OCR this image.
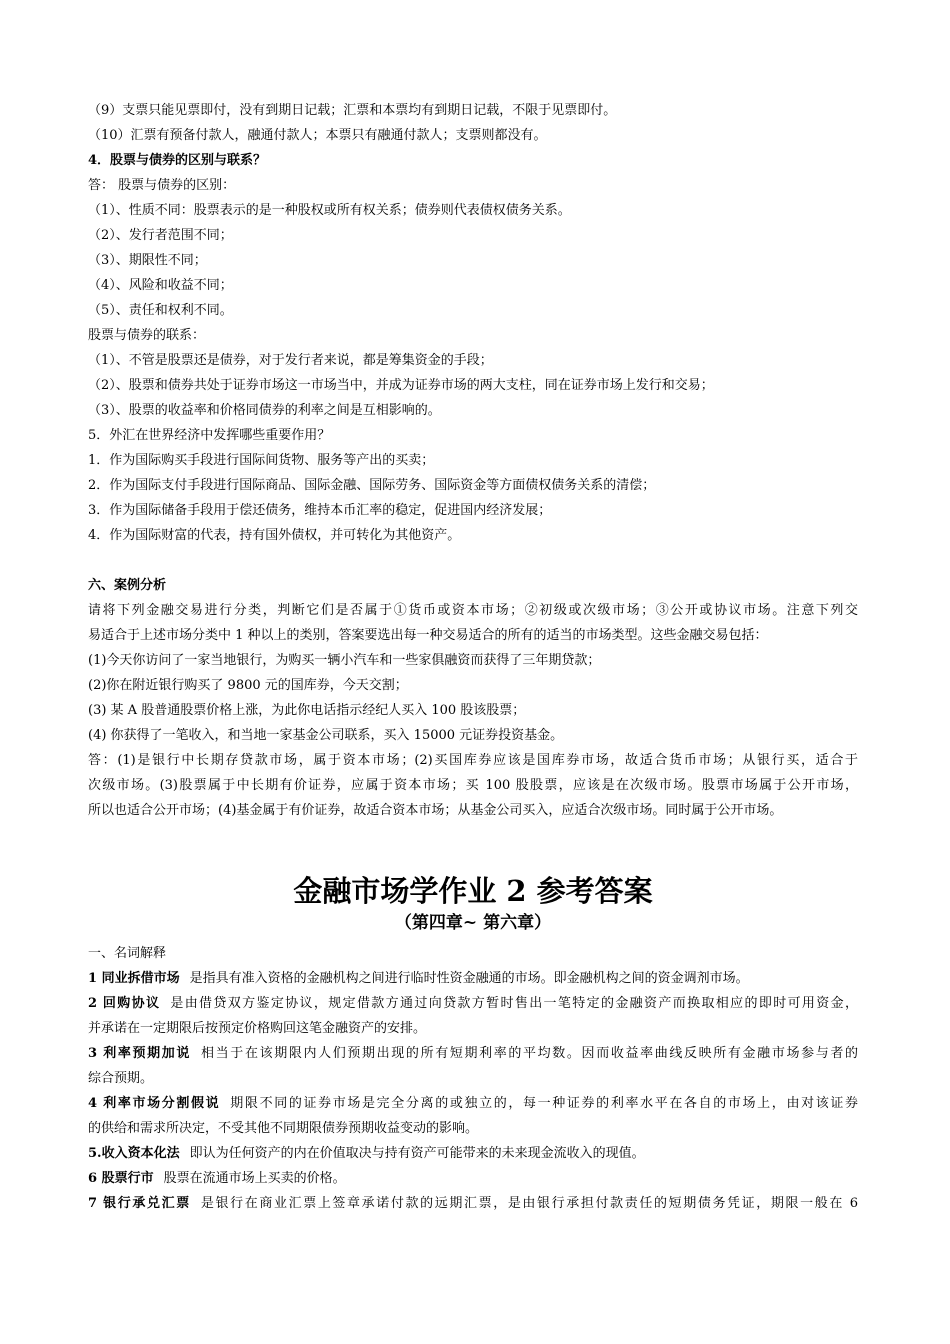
（9）支票只能见票即付，没有到期日记载；汇票和本票均有到期日记载，不限于见票即付。
（10）汇票有预备付款人，融通付款人；本票只有融通付款人；支票则都没有。
4．股票与债券的区别与联系？
答： 股票与债券的区别：
（1）、性质不同：股票表示的是一种股权或所有权关系；债券则代表债权债务关系。
（2）、发行者范围不同；
（3）、期限性不同；
（4）、风险和收益不同；
（5）、责任和权利不同。
股票与债券的联系：
（1）、不管是股票还是债券，对于发行者来说，都是筹集资金的手段；
（2）、股票和债券共处于证券市场这一市场当中，并成为证券市场的两大支柱，同在证券市场上发行和交易；
（3）、股票的收益率和价格同债券的利率之间是互相影响的。
5．外汇在世界经济中发挥哪些重要作用？
1．作为国际购买手段进行国际间货物、服务等产出的买卖；
2．作为国际支付手段进行国际商品、国际金融、国际劳务、国际资金等方面债权债务关系的清偿；
3．作为国际储备手段用于偿还债务，维持本币汇率的稳定，促进国内经济发展；
4．作为国际财富的代表，持有国外债权，并可转化为其他资产。
六、案例分析
请将下列金融交易进行分类，判断它们是否属于①货币或资本市场；②初级或次级市场；③公开或协议市场。注意下列交
易适合于上述市场分类中 1 种以上的类别，答案要选出每一种交易适合的所有的适当的市场类型。这些金融交易包括：
(1)今天你访问了一家当地银行，为购买一辆小汽车和一些家俱融资而获得了三年期贷款；
(2)你在附近银行购买了 9800 元的国库券，今天交割；
(3) 某 A 股普通股票价格上涨，为此你电话指示经纪人买入 100 股该股票；
(4) 你获得了一笔收入，和当地一家基金公司联系，买入 15000 元证券投资基金。
答：(1)是银行中长期存贷款市场，属于资本市场；(2)买国库券应该是国库券市场，故适合货币市场；从银行买，适合于
次级市场。(3)股票属于中长期有价证券，应属于资本市场；买 100 股股票，应该是在次级市场。股票市场属于公开市场，
所以也适合公开市场；(4)基金属于有价证券，故适合资本市场；从基金公司买入，应适合次级市场。同时属于公开市场。
金融市场学作业 2 参考答案
（第四章~ 第六章）
一、名词解释
1 同业拆借市场 是指具有准入资格的金融机构之间进行临时性资金融通的市场。即金融机构之间的资金调剂市场。
2 回购协议 是由借贷双方鉴定协议，规定借款方通过向贷款方暂时售出一笔特定的金融资产而换取相应的即时可用资金，
并承诺在一定期限后按预定价格购回这笔金融资产的安排。
3 利率预期加说 相当于在该期限内人们预期出现的所有短期利率的平均数。因而收益率曲线反映所有金融市场参与者的
综合预期。
4 利率市场分割假说 期限不同的证券市场是完全分离的或独立的，每一种证券的利率水平在各自的市场上，由对该证券
的供给和需求所决定，不受其他不同期限债券预期收益变动的影响。
5.收入资本化法 即认为任何资产的内在价值取决与持有资产可能带来的未来现金流收入的现值。
6 股票行市 股票在流通市场上买卖的价格。
7 银行承兑汇票 是银行在商业汇票上签章承诺付款的远期汇票，是由银行承担付款责任的短期债务凭证，期限一般在 6
